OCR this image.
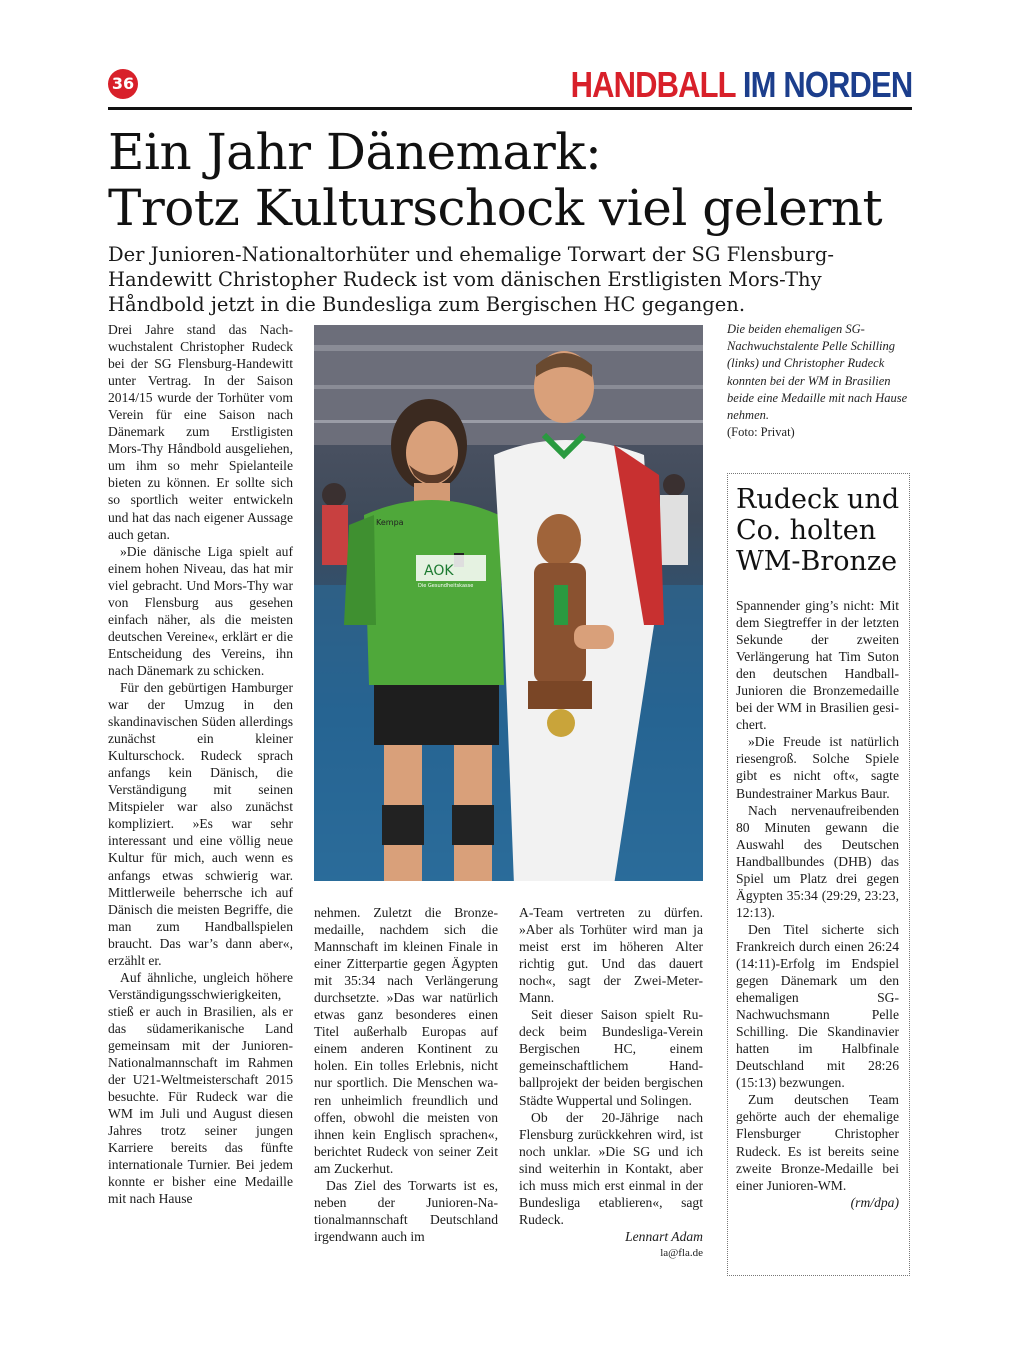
36	HANDBALL IM NORDEN
Ein Jahr Dänemark:
Trotz Kulturschock viel gelernt
Der Junioren-Nationaltorhüter und ehemalige Torwart der SG Flensburg-Handewitt Christopher Rudeck ist vom dänischen Erstligisten Mors-Thy Håndbold jetzt in die Bundesliga zum Bergischen HC gegangen.

Drei Jahre stand das Nachwuchstalent Christopher Rudeck bei der SG Flensburg-Handewitt unter Vertrag. In der Saison 2014/15 wurde der Torhüter vom Verein für eine Saison nach Dänemark zum Erstligisten Mors-Thy Håndbold ausgeliehen, um ihm so mehr Spielanteile bieten zu können. Er sollte sich so sportlich weiter entwickeln und hat das nach eigener Aussage auch getan.

»Die dänische Liga spielt auf einem hohen Niveau, das hat mir viel gebracht. Und Mors-Thy war von Flensburg aus gesehen einfach näher, als die meisten deutschen Vereine«, erklärt er die Entscheidung des Vereins, ihn nach Dänemark zu schicken.

Für den gebürtigen Hamburger war der Umzug in den skandinavischen Süden allerdings zunächst ein kleiner Kulturschock. Rudeck sprach anfangs kein Dänisch, die Verständigung mit seinen Mitspieler war also zunächst kompliziert. »Es war sehr interessant und eine völlig neue Kultur für mich, auch wenn es anfangs etwas schwierig war. Mittlerweile beherrsche ich auf Dänisch die meisten Begriffe, die man zum Handballspielen braucht. Das war’s dann aber«, erzählt er.

Auf ähnliche, ungleich höhere Verständigungsschwierigkeiten, stieß er auch in Brasilien, als er das südamerikanische Land gemeinsam mit der Junioren-Nationalmannschaft im Rahmen der U21-Weltmeisterschaft 2015 besuchte. Für Rudeck war die WM im Juli und August diesen Jahres trotz seiner jungen Karriere bereits das fünfte internationale Turnier. Bei jedem konnte er bisher eine Medaille mit nach Hause

AOK
Die Gesundheitskasse
Kempa
Die beiden ehemaligen SG-Nachwuchstalente Pelle Schilling (links) und Christopher Rudeck konnten bei der WM in Brasilien beide eine Medaille mit nach Hause nehmen.
(Foto: Privat)

nehmen. Zuletzt die Bronzemedaille, nachdem sich die Mannschaft im kleinen Finale in einer Zitterpartie gegen Ägypten mit 35:34 nach Verlängerung durchsetzte. »Das war natürlich etwas ganz besonderes einen Titel außerhalb Europas auf einem anderen Kontinent zu holen. Ein tolles Erlebnis, nicht nur sportlich. Die Menschen waren unheimlich freundlich und offen, obwohl die meisten von ihnen kein Englisch sprachen«, berichtet Rudeck von seiner Zeit am Zuckerhut.

Das Ziel des Torwarts ist es, neben der Junioren-Nationalmannschaft Deutschland irgendwann auch im

A-Team vertreten zu dürfen. »Aber als Torhüter wird man ja meist erst im höheren Alter richtig gut. Und das dauert noch«, sagt der Zwei-Meter-Mann.

Seit dieser Saison spielt Rudeck beim Bundesliga-Verein Bergischen HC, einem gemeinschaftlichem Handballprojekt der beiden bergischen Städte Wuppertal und Solingen.

Ob der 20-Jährige nach Flensburg zurückkehren wird, ist noch unklar. »Die SG und ich sind weiterhin in Kontakt, aber ich muss mich erst einmal in der Bundesliga etablieren«, sagt Rudeck.

Lennart Adam
la@fla.de
Rudeck und
Co. holten
WM-Bronze

Spannender ging’s nicht: Mit dem Siegtreffer in der letzten Sekunde der zweiten Verlängerung hat Tim Suton den deutschen Handball-Junioren die Bronzemedaille bei der WM in Brasilien gesichert.

»Die Freude ist natürlich riesengroß. Solche Spiele gibt es nicht oft«, sagte Bundestrainer Markus Baur.

Nach nervenaufreibenden 80 Minuten gewann die Auswahl des Deutschen Handballbundes (DHB) das Spiel um Platz drei gegen Ägypten 35:34 (29:29, 23:23, 12:13).

Den Titel sicherte sich Frankreich durch einen 26:24 (14:11)-Erfolg im Endspiel gegen Dänemark um den ehemaligen SG-Nachwuchsmann Pelle Schilling. Die Skandinavier hatten im Halbfinale Deutschland mit 28:26 (15:13) bezwungen.

Zum deutschen Team gehörte auch der ehemalige Flensburger Christopher Rudeck. Es ist bereits seine zweite Bronze-Medaille bei einer Junioren-WM.
(rm/dpa)
